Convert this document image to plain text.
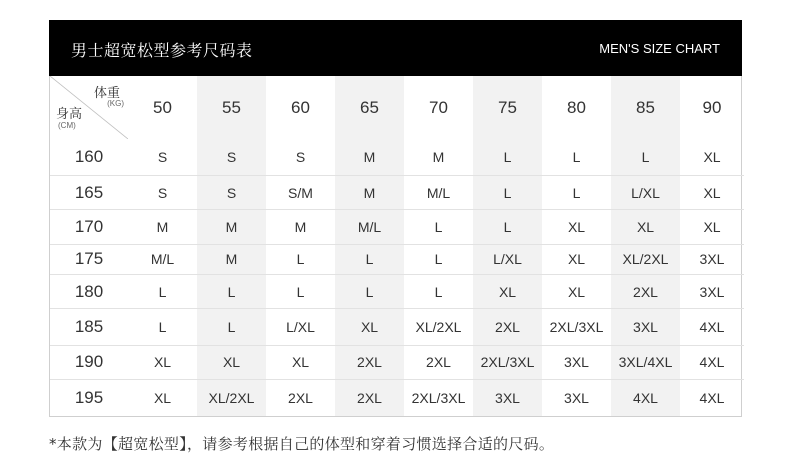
男士超宽松型参考尺码表	MEN'S SIZE CHART
体重
(KG)
身高
(CM)	50	55	60	65	70	75	80	85	90
160	S	S	S	M	M	L	L	L	XL
165	S	S	S/M	M	M/L	L	L	L/XL	XL
170	M	M	M	M/L	L	L	XL	XL	XL
175	M/L	M	L	L	L	L/XL	XL	XL/2XL	3XL
180	L	L	L	L	L	XL	XL	2XL	3XL
185	L	L	L/XL	XL	XL/2XL	2XL	2XL/3XL	3XL	4XL
190	XL	XL	XL	2XL	2XL	2XL/3XL	3XL	3XL/4XL	4XL
195	XL	XL/2XL	2XL	2XL	2XL/3XL	3XL	3XL	4XL	4XL
*本款为【超宽松型】，请参考根据自己的体型和穿着习惯选择合适的尺码。
